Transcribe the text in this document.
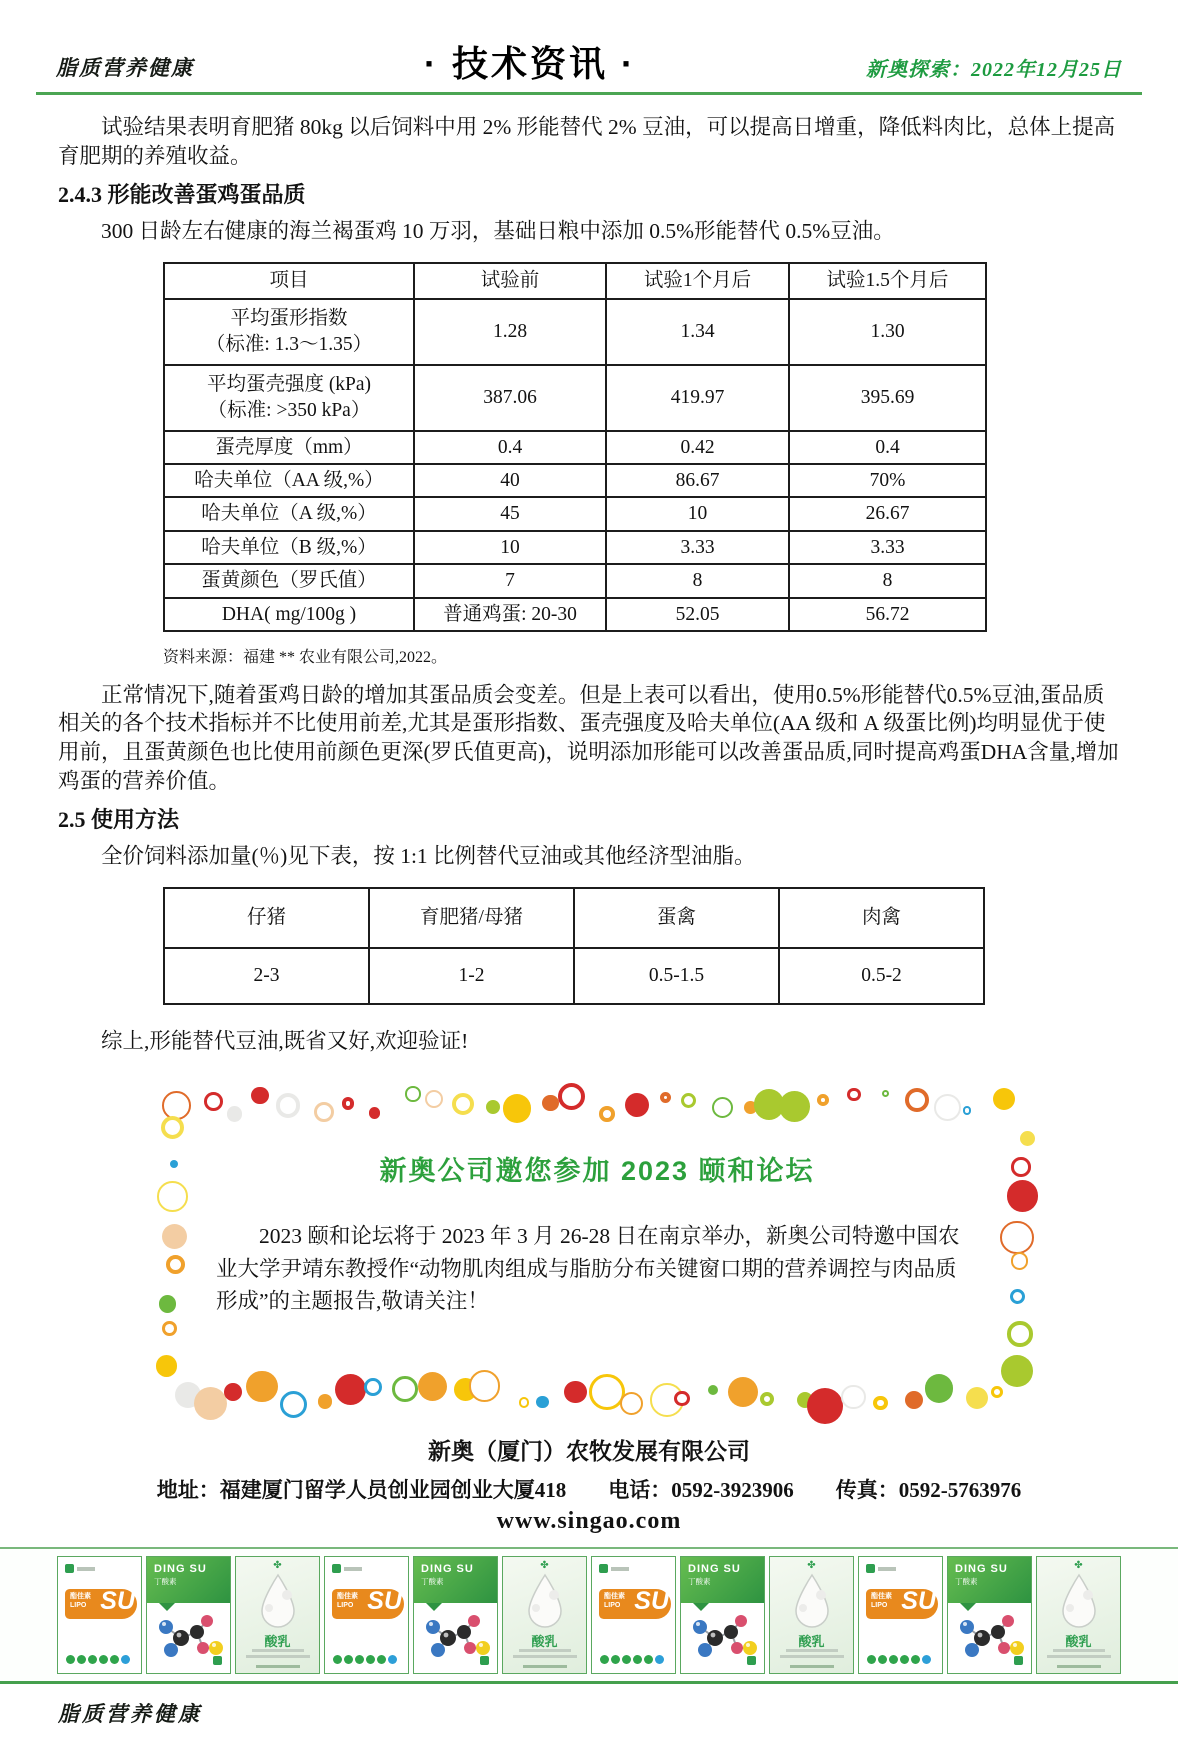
脂质营养健康	· 技术资讯 ·	新奥探索：2022年12月25日

试验结果表明育肥猪 80kg 以后饲料中用 2% 形能替代 2% 豆油，可以提高日增重，降低料肉比，总体上提高育肥期的养殖收益。

2.4.3 形能改善蛋鸡蛋品质

300 日龄左右健康的海兰褐蛋鸡 10 万羽，基础日粮中添加 0.5%形能替代 0.5%豆油。

项目	试验前	试验1个月后	试验1.5个月后

平均蛋形指数
（标准: 1.3～1.35）	1.28	1.34	1.30

平均蛋壳强度 (kPa)
（标准: >350 kPa）	387.06	419.97	395.69
蛋壳厚度（mm）	0.4	0.42	0.4
哈夫单位（AA 级,%）	40	86.67	70%
哈夫单位（A 级,%）	45	10	26.67
哈夫单位（B 级,%）	10	3.33	3.33
蛋黄颜色（罗氏值）	7	8	8
DHA( mg/100g )	普通鸡蛋: 20-30	52.05	56.72

资料来源：福建 ** 农业有限公司,2022。

正常情况下,随着蛋鸡日龄的增加其蛋品质会变差。但是上表可以看出，使用0.5%形能替代0.5%豆油,蛋品质相关的各个技术指标并不比使用前差,尤其是蛋形指数、蛋壳强度及哈夫单位(AA 级和 A 级蛋比例)均明显优于使用前，且蛋黄颜色也比使用前颜色更深(罗氏值更高)，说明添加形能可以改善蛋品质,同时提高鸡蛋DHA含量,增加鸡蛋的营养价值。

2.5 使用方法

全价饲料添加量(％)见下表，按 1:1 比例替代豆油或其他经济型油脂。

仔猪	育肥猪/母猪	蛋禽	肉禽
2-3	1-2	0.5-1.5	0.5-2

综上,形能替代豆油,既省又好,欢迎验证!

新奥公司邀您参加 2023 颐和论坛
2023 颐和论坛将于 2023 年 3 月 26-28 日在南京举办，新奥公司特邀中国农业大学尹靖东教授作“动物肌肉组成与脂肪分布关键窗口期的营养调控与肉品质形成”的主题报告,敬请关注！
新奥（厦门）农牧发展有限公司
地址：福建厦门留学人员创业园创业大厦418　　电话：0592-3923906　　传真：0592-5763976
www.singao.com
酯佳素
LIPO SU
DING SU
丁酸素
✤
酸乳
酯佳素
LIPO SU
DING SU
丁酸素
✤
酸乳
酯佳素
LIPO SU
DING SU
丁酸素
✤
酸乳
酯佳素
LIPO SU
DING SU
丁酸素
✤
酸乳
脂质营养健康
